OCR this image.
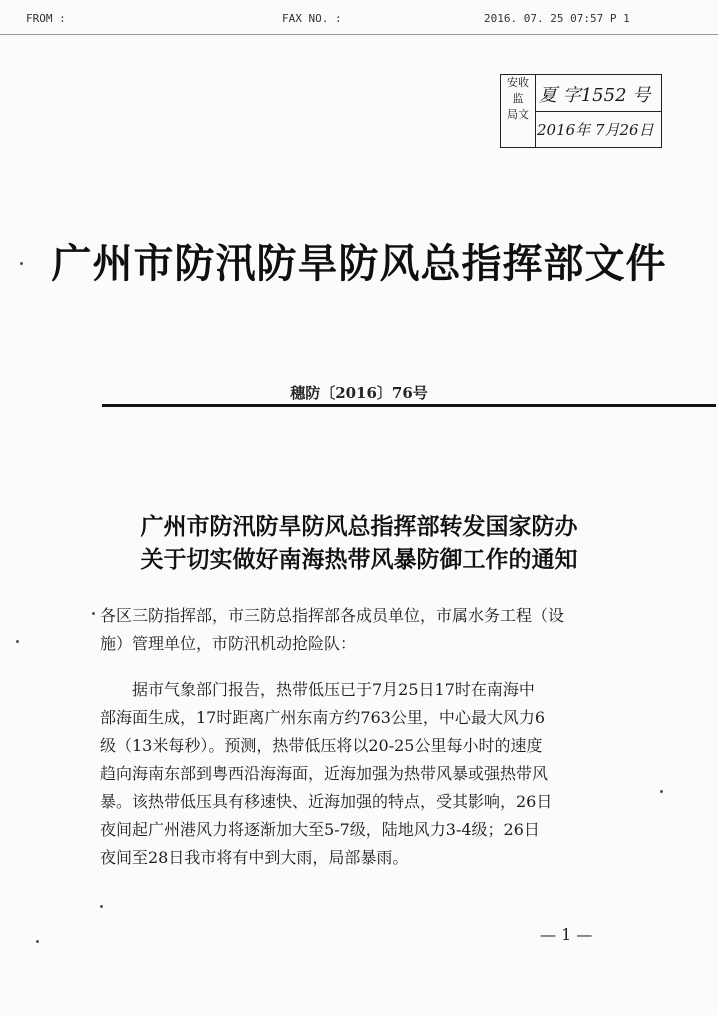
FROM :	FAX NO. :	2016. 07. 25 07:57 P 1
安收
监
局文
夏 字1552 号
2016年 7月26日
广州市防汛防旱防风总指挥部文件
穗防〔2016〕76号
广州市防汛防旱防风总指挥部转发国家防办
关于切实做好南海热带风暴防御工作的通知
各区三防指挥部，市三防总指挥部各成员单位，市属水务工程（设
施）管理单位，市防汛机动抢险队：
　　据市气象部门报告，热带低压已于7月25日17时在南海中
部海面生成，17时距离广州东南方约763公里，中心最大风力6
级（13米每秒）。预测，热带低压将以20-25公里每小时的速度
趋向海南东部到粤西沿海海面，近海加强为热带风暴或强热带风
暴。该热带低压具有移速快、近海加强的特点，受其影响，26日
夜间起广州港风力将逐渐加大至5-7级，陆地风力3-4级；26日
夜间至28日我市将有中到大雨，局部暴雨。
— 1 —
